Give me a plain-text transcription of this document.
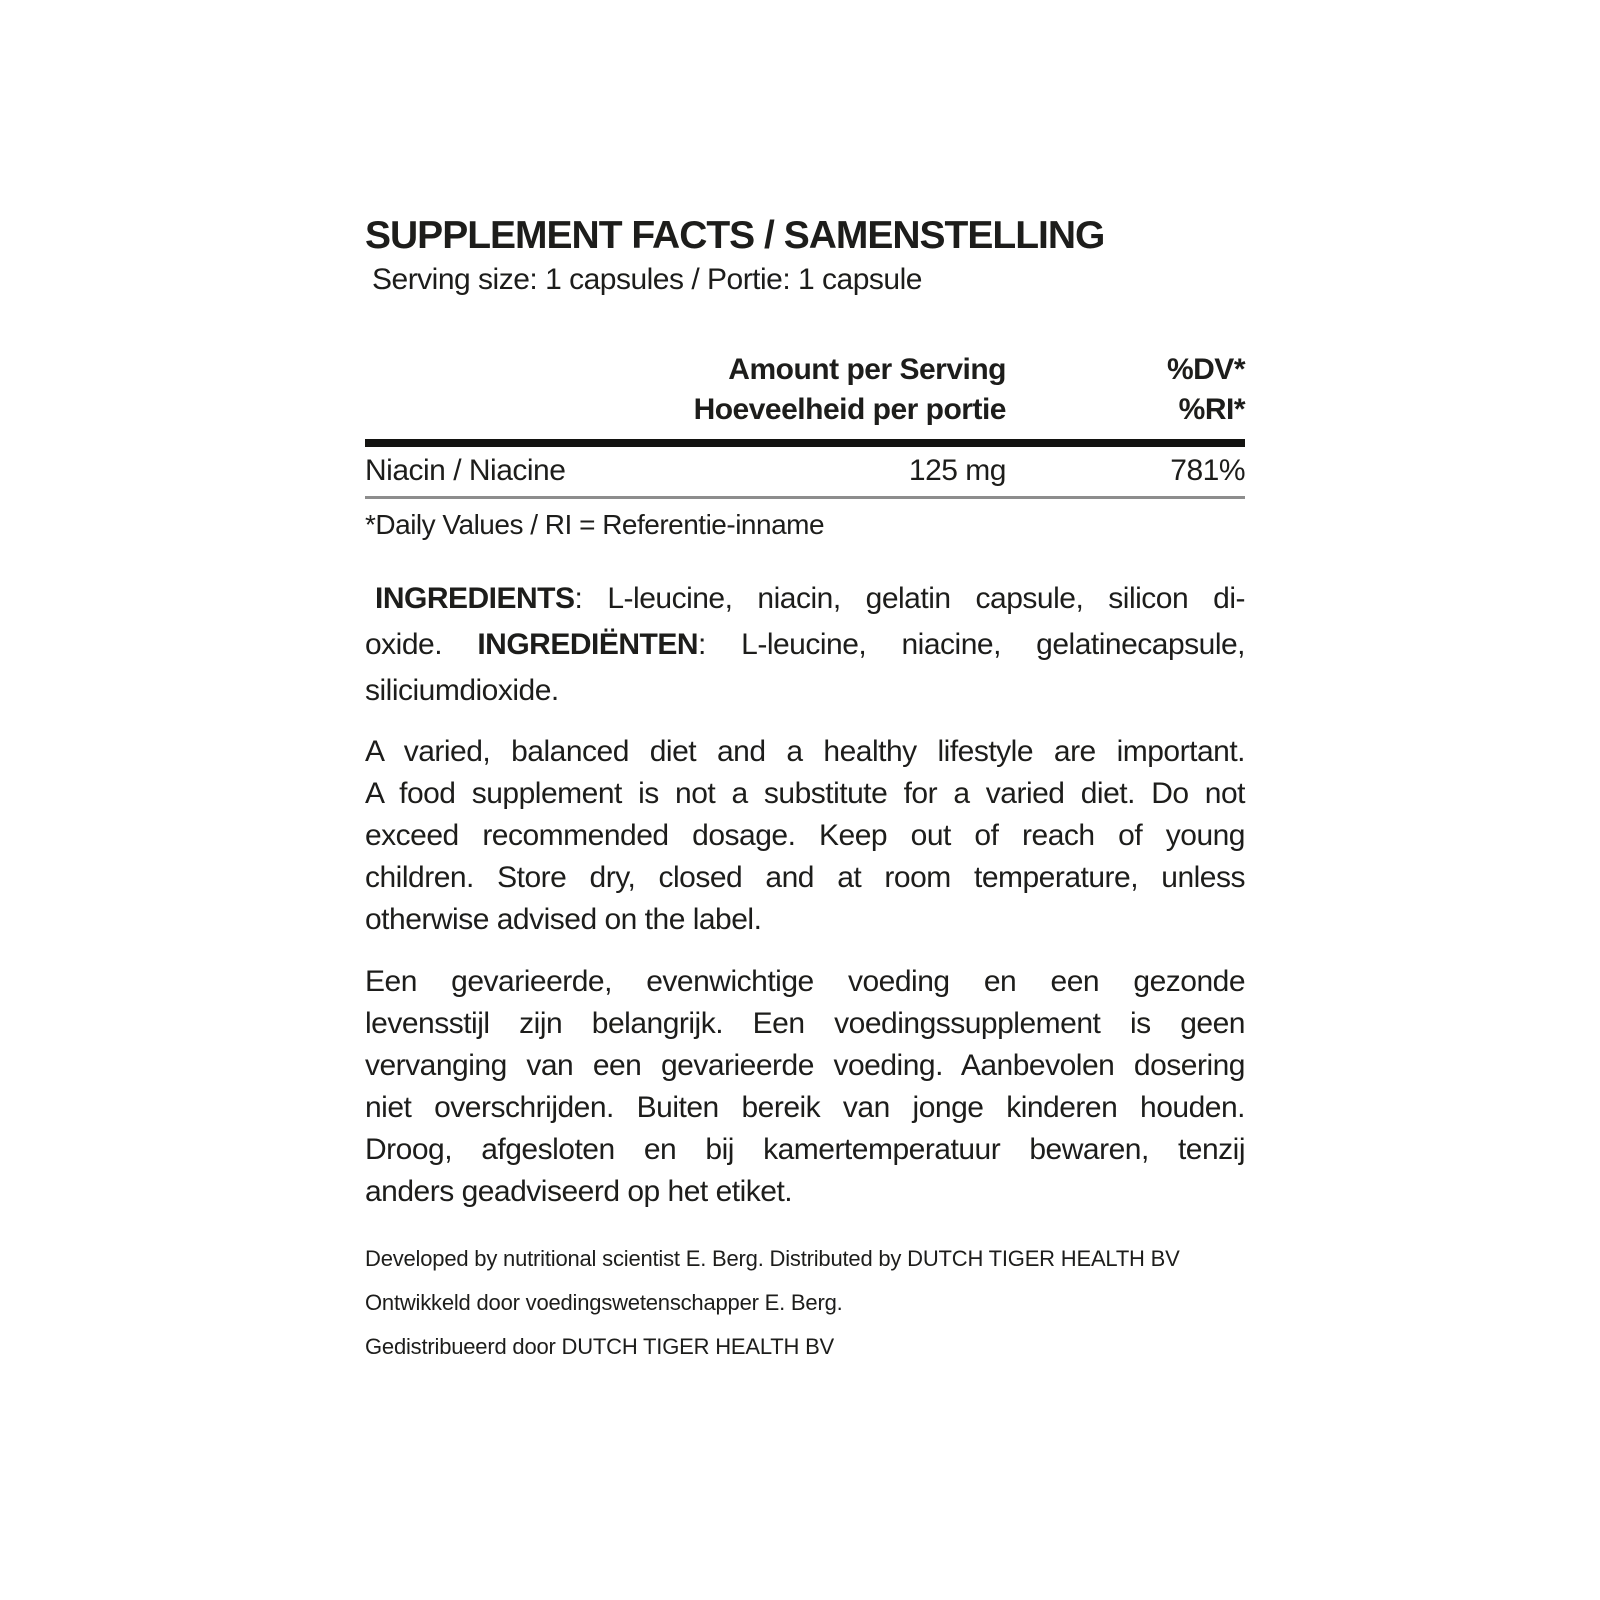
SUPPLEMENT FACTS / SAMENSTELLING
Serving size: 1 capsules / Portie: 1 capsule
Amount per Serving	%DV*
Hoeveelheid per portie	%RI*
Niacin / Niacine	125 mg	781%
*Daily Values / RI = Referentie-inname
INGREDIENTS: L-leucine, niacin, gelatin capsule, silicon di-
oxide. INGREDIËNTEN: L-leucine, niacine, gelatinecapsule,
siliciumdioxide.
A varied, balanced diet and a healthy lifestyle are important.
A food supplement is not a substitute for a varied diet. Do not
exceed recommended dosage. Keep out of reach of young
children. Store dry, closed and at room temperature, unless
otherwise advised on the label.
Een gevarieerde, evenwichtige voeding en een gezonde
levensstijl zijn belangrijk. Een voedingssupplement is geen
vervanging van een gevarieerde voeding. Aanbevolen dosering
niet overschrijden. Buiten bereik van jonge kinderen houden.
Droog, afgesloten en bij kamertemperatuur bewaren, tenzij
anders geadviseerd op het etiket.
Developed by nutritional scientist E. Berg. Distributed by DUTCH TIGER HEALTH BV
Ontwikkeld door voedingswetenschapper E. Berg.
Gedistribueerd door DUTCH TIGER HEALTH BV
